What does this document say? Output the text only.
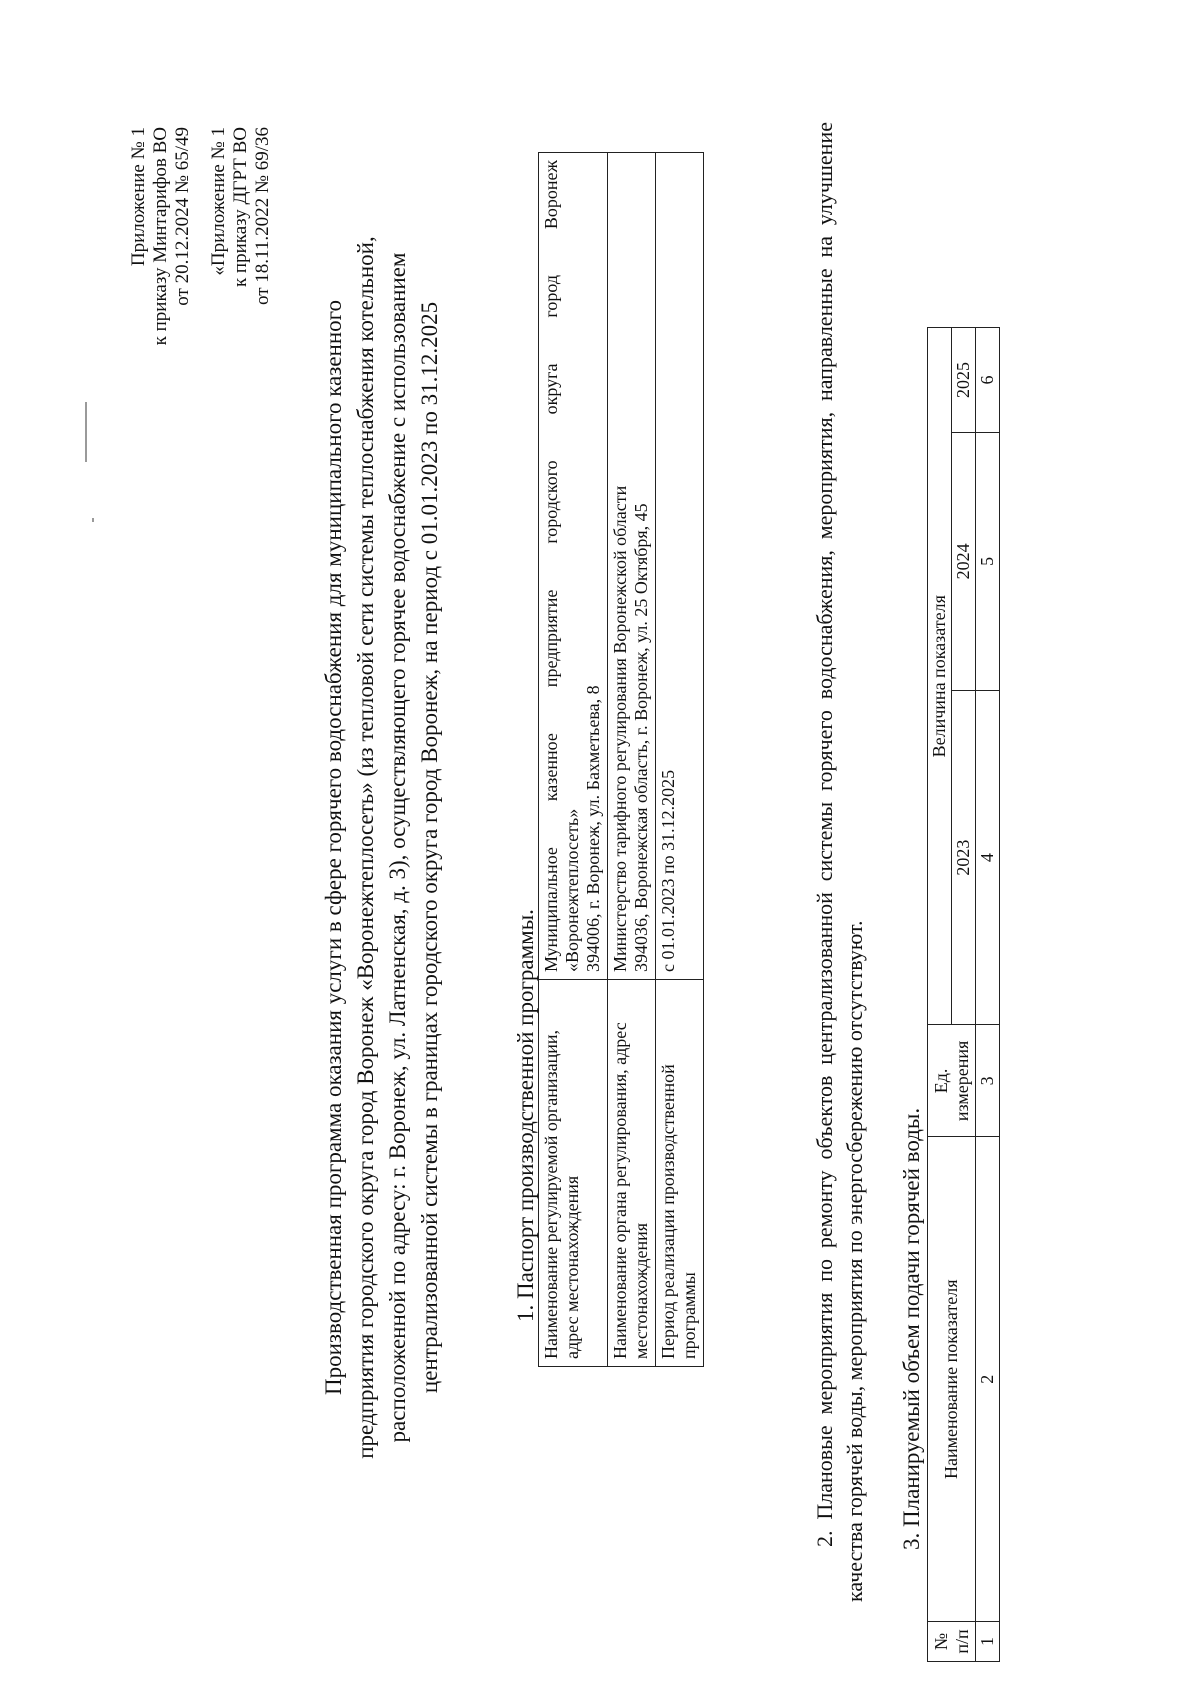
Приложение № 1 к приказу Минтарифов ВО от 20.12.2024 № 65/49 «Приложение № 1 к приказу ДГРТ ВО от 18.11.2022 № 69/36
Производственная программа оказания услуги в сфере горячего водоснабжения для муниципального казенного предприятия городского округа город Воронеж «Воронежтеплосеть» (из тепловой сети системы теплоснабжения котельной, расположенной по адресу: г. Воронеж, ул. Латненская, д. 3), осуществляющего горячее водоснабжение с использованием централизованной системы в границах городского округа город Воронеж, на период с 01.01.2023 по 31.12.2025	1. Паспорт производственной программы. Наименование регулируемой организации, адрес местонахождения	Муниципальное казенное предприятие городского округа город Воронеж «Воронежтеплосеть» 394006, г. Воронеж, ул. Бахметьева, 8

Наименование органа регулирования, адрес местонахождения	Министерство тарифного регулирования Воронежской области 394036, Воронежская область, г. Воронеж, ул. 25 Октября, 45

Период реализации производственной программы	с 01.01.2023 по 31.12.2025	2. Плановые мероприятия по ремонту объектов централизованной системы горячего водоснабжения, мероприятия, направленные на улучшение качества горячей воды, мероприятия по энергосбережению отсутствуют. 3. Планируемый объем подачи горячей воды.
№ п/п	Наименование показателя	Ед. измерения	Величина показателя		
			2023	2024	2025
1	2	3	4	5	6
